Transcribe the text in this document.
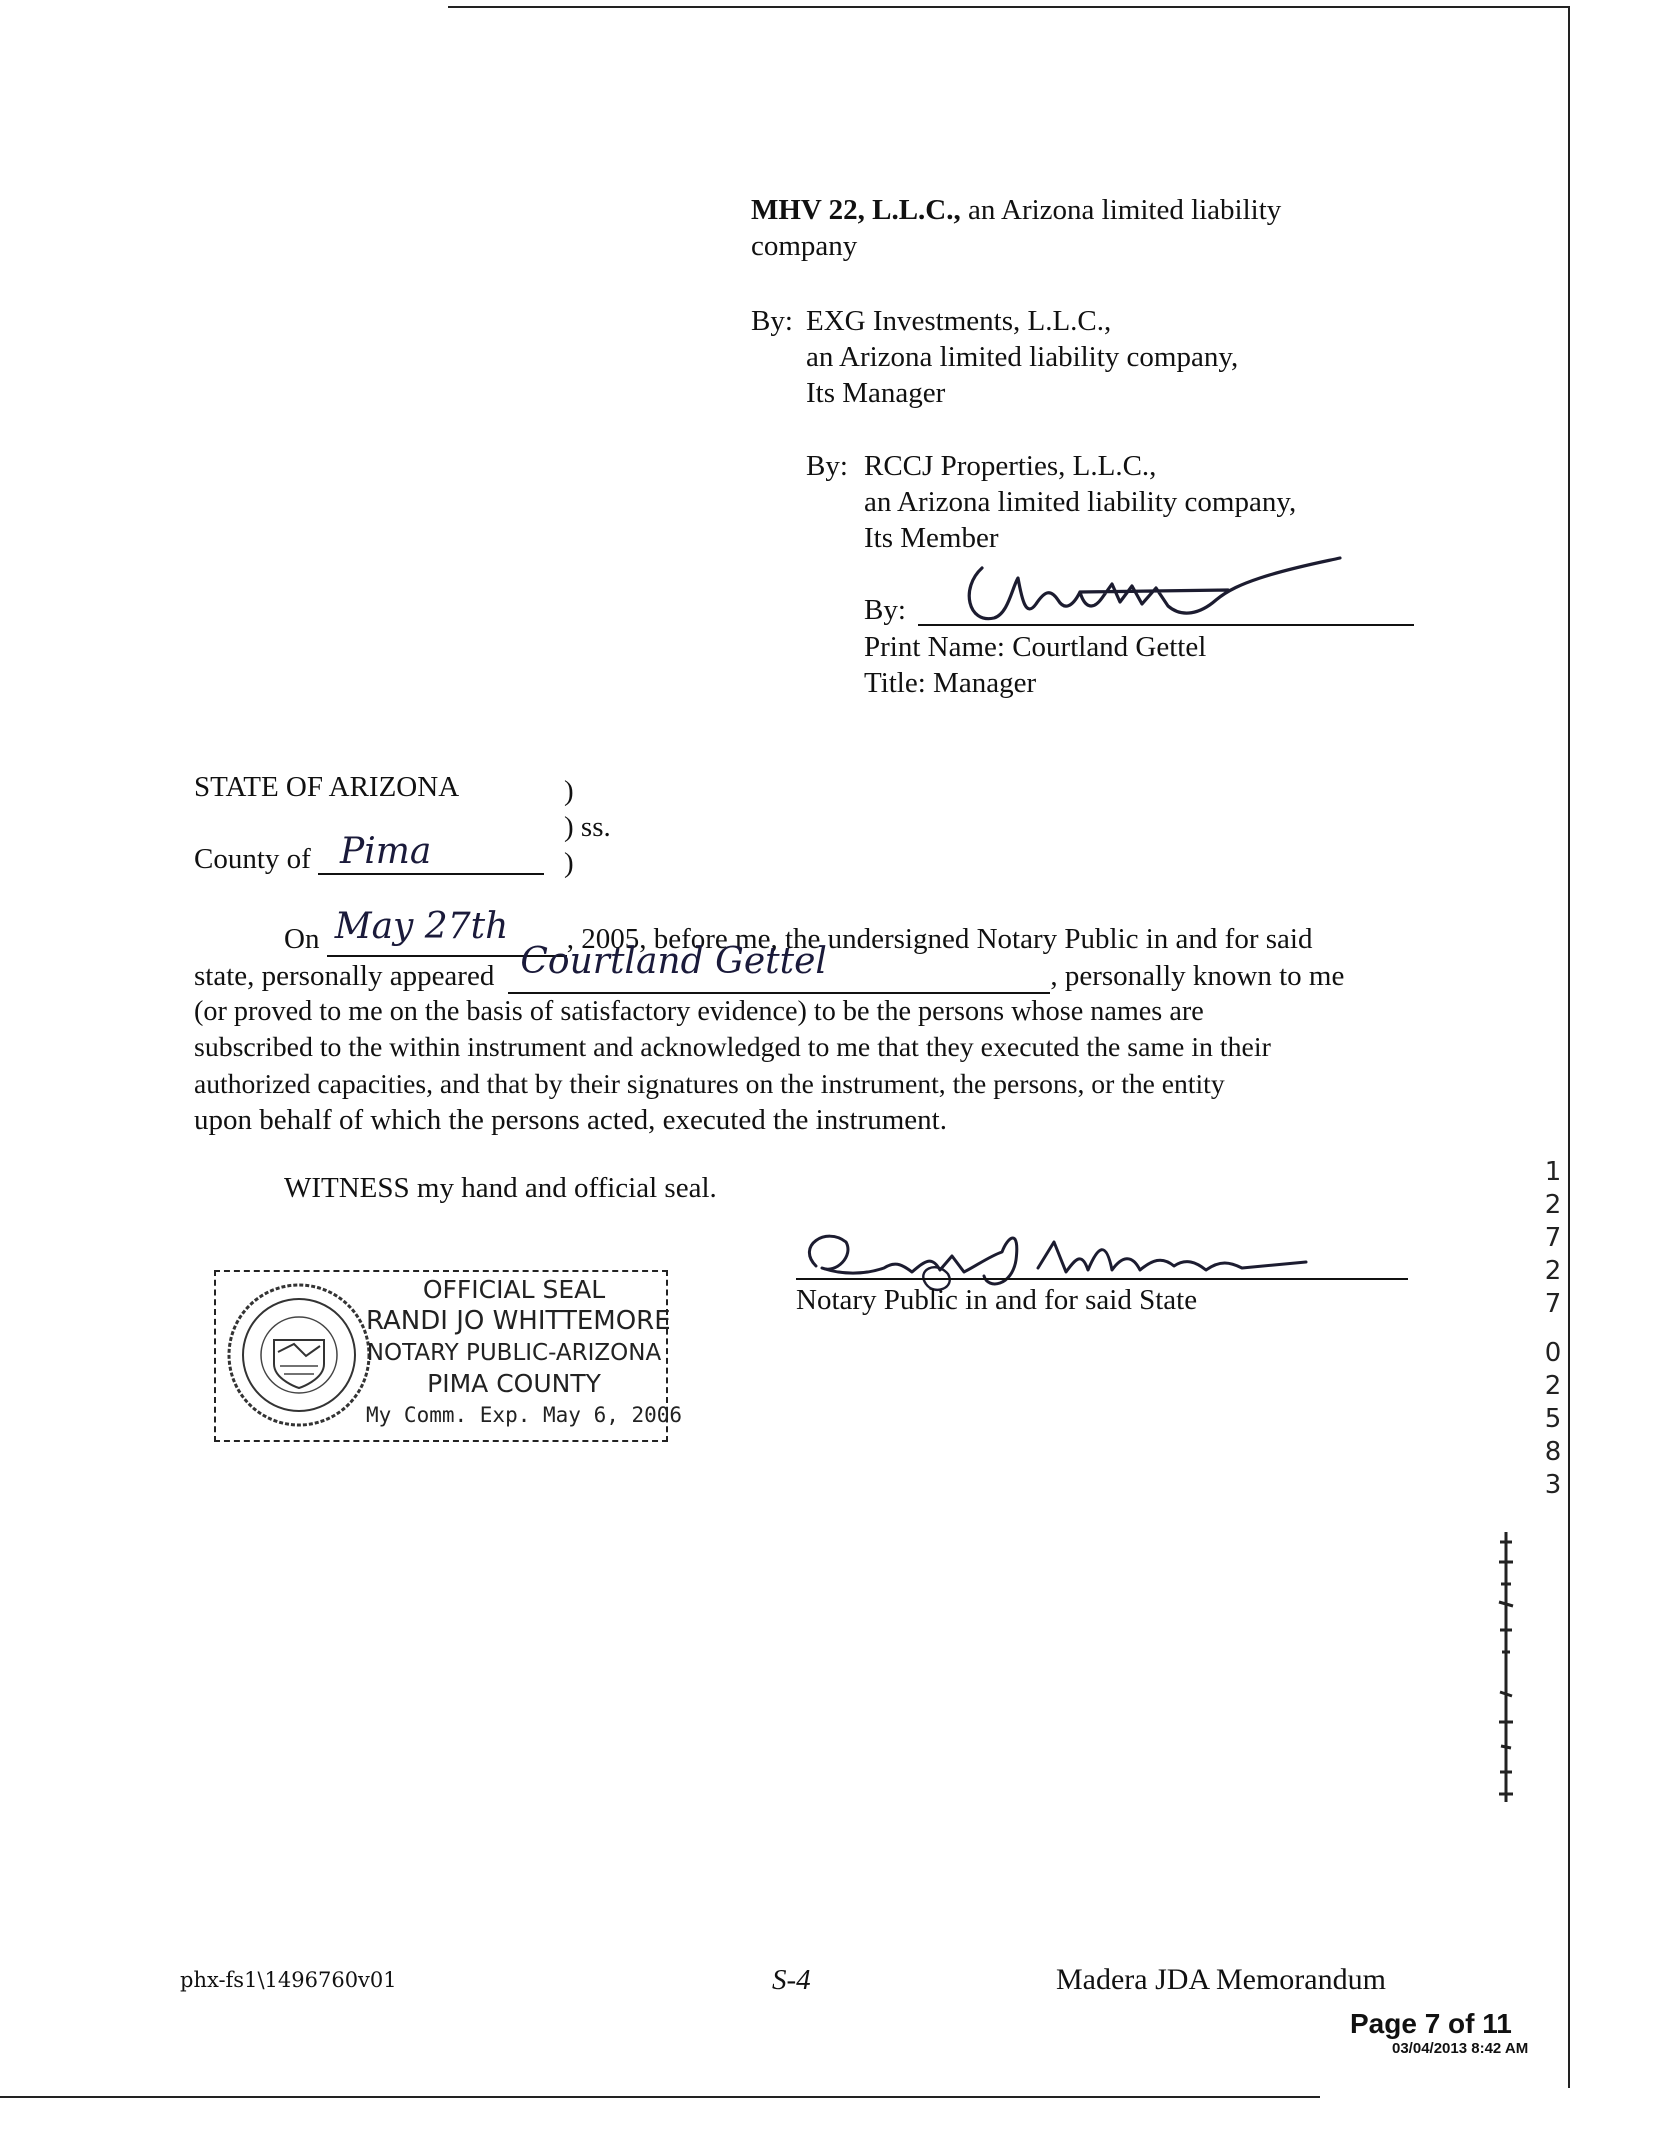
MHV 22, L.L.C., an Arizona limited liability
company
By: EXG Investments, L.L.C.,
an Arizona limited liability company,
Its Manager
By: RCCJ Properties, L.L.C.,
an Arizona limited liability company,
Its Member
By:
Print Name: Courtland Gettel
Title: Manager
STATE OF ARIZONA	)
) ss.
County of Pima	)
On May 27th , 2005, before me, the undersigned Notary Public in and for said
state, personally appeared Courtland Gettel	, personally known to me
(or proved to me on the basis of satisfactory evidence) to be the persons whose names are
subscribed to the within instrument and acknowledged to me that they executed the same in their
authorized capacities, and that by their signatures on the instrument, the persons, or the entity
upon behalf of which the persons acted, executed the instrument.
WITNESS my hand and official seal.
Notary Public in and for said State
OFFICIAL SEAL
RANDI JO WHITTEMORE
NOTARY PUBLIC-ARIZONA
PIMA COUNTY
My Comm. Exp. May 6, 2006
1
2
7
2
7
0
2
5
8
3
phx-fs1\1496760v01	S-4	Madera JDA Memorandum
Page 7 of 11
03/04/2013 8:42 AM
